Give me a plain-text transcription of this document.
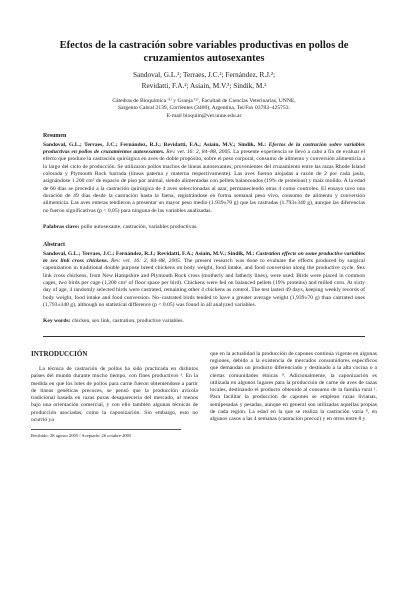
Efectos de la castración sobre variables productivas en pollos de cruzamientos autosexantes
Sandoval, G.L.¹; Terraes, J.C.²; Fernández, R.J.²;
Revidatti, F.A.²; Asiain, M.V.²; Sindik, M.²
Cátedras de Bioquímica ⁽¹⁾ y Granja ⁽²⁾, Facultad de Ciencias Veterinarias, UNNE,
Sargento Cabral 2139, Corrientes (3400), Argentina. Tel/Fax 03783–425753.
E-mail bioquim@vet.unne.edu.ar
Resumen
Sandoval, G.L.; Terraes, J.C.; Fernández, R.J.; Revidatti, F.A.; Asiain, M.V.; Sindik, M.: Efectos de la castración sobre variables productivas en pollos de cruzamientos autosexantes. Rev. vet. 16: 2, 84–88, 2005. La presente experiencia se llevó a cabo a fin de evaluar el efecto que produce la castración quirúrgica en aves de doble propósito, sobre el peso corporal, consumo de alimento y conversión alimenticia a lo largo del ciclo de producción. Se utilizaron pollos machos de líneas autosexantes, provenientes del cruzamiento entre las razas Rhode Island colorada y Plymouth Rock barrada (líneas paterna y materna respectivamente). Las aves fueron alojadas a razón de 2 por cada jaula, asignándose 1.200 cm² de espacio de piso por animal, siendo alimentadas con pellets balanceados (19% de proteínas) y maíz molido. A la edad de 60 días se procedió a la castración quirúrgica de 4 aves seleccionadas al azar, permaneciendo otras 4 como controles. El ensayo tuvo una duración de 49 días desde la castración hasta la faena, registrándose en forma semanal peso vivo, consumo de alimento y conversión alimenticia. Las aves enteras tendieron a presentar un mayor peso medio (1.939±70 g) que las castradas (1.793±340 g), aunque las diferencias no fueron significativas (p < 0,05) para ninguna de las variables analizadas.
Palabras clave: pollo autosexante, castración, variables productivas.
Abstract
Sandoval, G.L.; Terraes, J.C.; Fernández, R.J.; Revidatti, F.A.; Asiain, M.V.; Sindik, M.: Castration effects on some productive variables in sex link cross chickens. Rev. vet. 16: 2, 84–88, 2005. The present research was done to evaluate the effects produced by surgical caponization in traditional double purpose breed chickens on body weight, food intake, and food conversion along the productive cycle. Sex link cross chickens, from New Hampshire and Plymouth Rock cross (motherly and fatherly lines), were used. Birds were placed in common cages, two birds per cage (1,200 cm² of floor space per bird). Chickens were fed on balanced pellets (19% proteins) and milled corn. At sixty day of age, 4 randomly selected birds were castrated, remaining other 4 chickens as control. The test lasted 49 days, keeping weekly records of body weight, food intake and food conversion. No–castrated birds tended to have a greater average weight (1,939±70 g) than castrated ones (1,793±340 g), although no statistical difference (p < 0.05) was found in all analyzed variables.
Key words: chicken, sex link, castration, productive variables.
INTRODUCCIÓN
La técnica de castración de pollos ha sido practicada en distintos países del mundo durante mucho tiempo, con fines productivos ³. En la medida en que los lotes de pollos para carne fueron obteniéndose a partir de líneas genéticas precoces, se pensó que la producción avícola tradicional basada en razas puras desaparecería del mercado, al menos bajo una orientación comercial, y con ello también algunas técnicas de producción asociadas, como la caponización. Sin embargo, esto no ocurrió ya
Recibido: 28 agosto 2005 / Aceptado: 26 octubre 2005
que en la actualidad la producción de capones continúa vigente en algunas regiones, debido a la existencia de mercados consumidores específicos que demandan un producto diferenciado y destinado a la alta cocina o a ciertas comunidades étnicas ⁸. Adicionalmente, la caponización es utilizada en algunos lugares para la producción de carne de aves de razas locales, destinando el producto obtenido al consumo de la familia rural ¹. Para facilitar la producción de capones se emplean razas livianas, semipesadas y pesadas, aunque en general son utilizadas aquellas propias de cada región. La edad en la que se realiza la castración varía ⁸, en algunos casos a las 4 semanas (castración precoz) y en otros entre 8 y
